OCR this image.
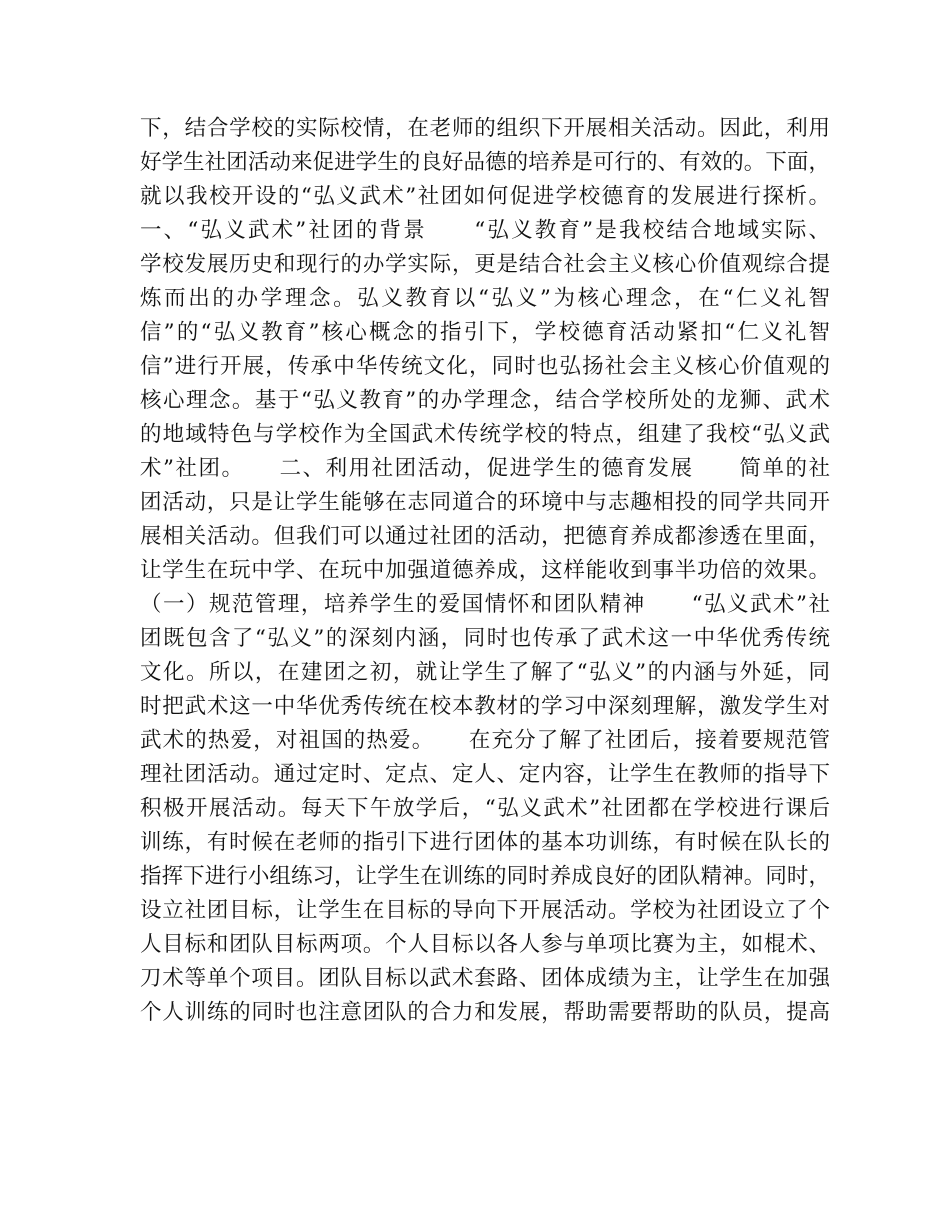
下，结合学校的实际校情，在老师的组织下开展相关活动。因此，利用
好学生社团活动来促进学生的良好品德的培养是可行的、有效的。下面，
就以我校开设的“弘义武术”社团如何促进学校德育的发展进行探析。
一、“弘义武术”社团的背景　　“弘义教育”是我校结合地域实际、
学校发展历史和现行的办学实际，更是结合社会主义核心价值观综合提
炼而出的办学理念。弘义教育以“弘义”为核心理念，在“仁义礼智
信”的“弘义教育”核心概念的指引下，学校德育活动紧扣“仁义礼智
信”进行开展，传承中华传统文化，同时也弘扬社会主义核心价值观的
核心理念。基于“弘义教育”的办学理念，结合学校所处的龙狮、武术
的地域特色与学校作为全国武术传统学校的特点，组建了我校“弘义武
术”社团。　　二、利用社团活动，促进学生的德育发展　　简单的社
团活动，只是让学生能够在志同道合的环境中与志趣相投的同学共同开
展相关活动。但我们可以通过社团的活动，把德育养成都渗透在里面，
让学生在玩中学、在玩中加强道德养成，这样能收到事半功倍的效果。
（一）规范管理，培养学生的爱国情怀和团队精神　　“弘义武术”社
团既包含了“弘义”的深刻内涵，同时也传承了武术这一中华优秀传统
文化。所以，在建团之初，就让学生了解了“弘义”的内涵与外延，同
时把武术这一中华优秀传统在校本教材的学习中深刻理解，激发学生对
武术的热爱，对祖国的热爱。　　在充分了解了社团后，接着要规范管
理社团活动。通过定时、定点、定人、定内容，让学生在教师的指导下
积极开展活动。每天下午放学后，“弘义武术”社团都在学校进行课后
训练，有时候在老师的指引下进行团体的基本功训练，有时候在队长的
指挥下进行小组练习，让学生在训练的同时养成良好的团队精神。同时，
设立社团目标，让学生在目标的导向下开展活动。学校为社团设立了个
人目标和团队目标两项。个人目标以各人参与单项比赛为主，如棍术、
刀术等单个项目。团队目标以武术套路、团体成绩为主，让学生在加强
个人训练的同时也注意团队的合力和发展，帮助需要帮助的队员，提高
